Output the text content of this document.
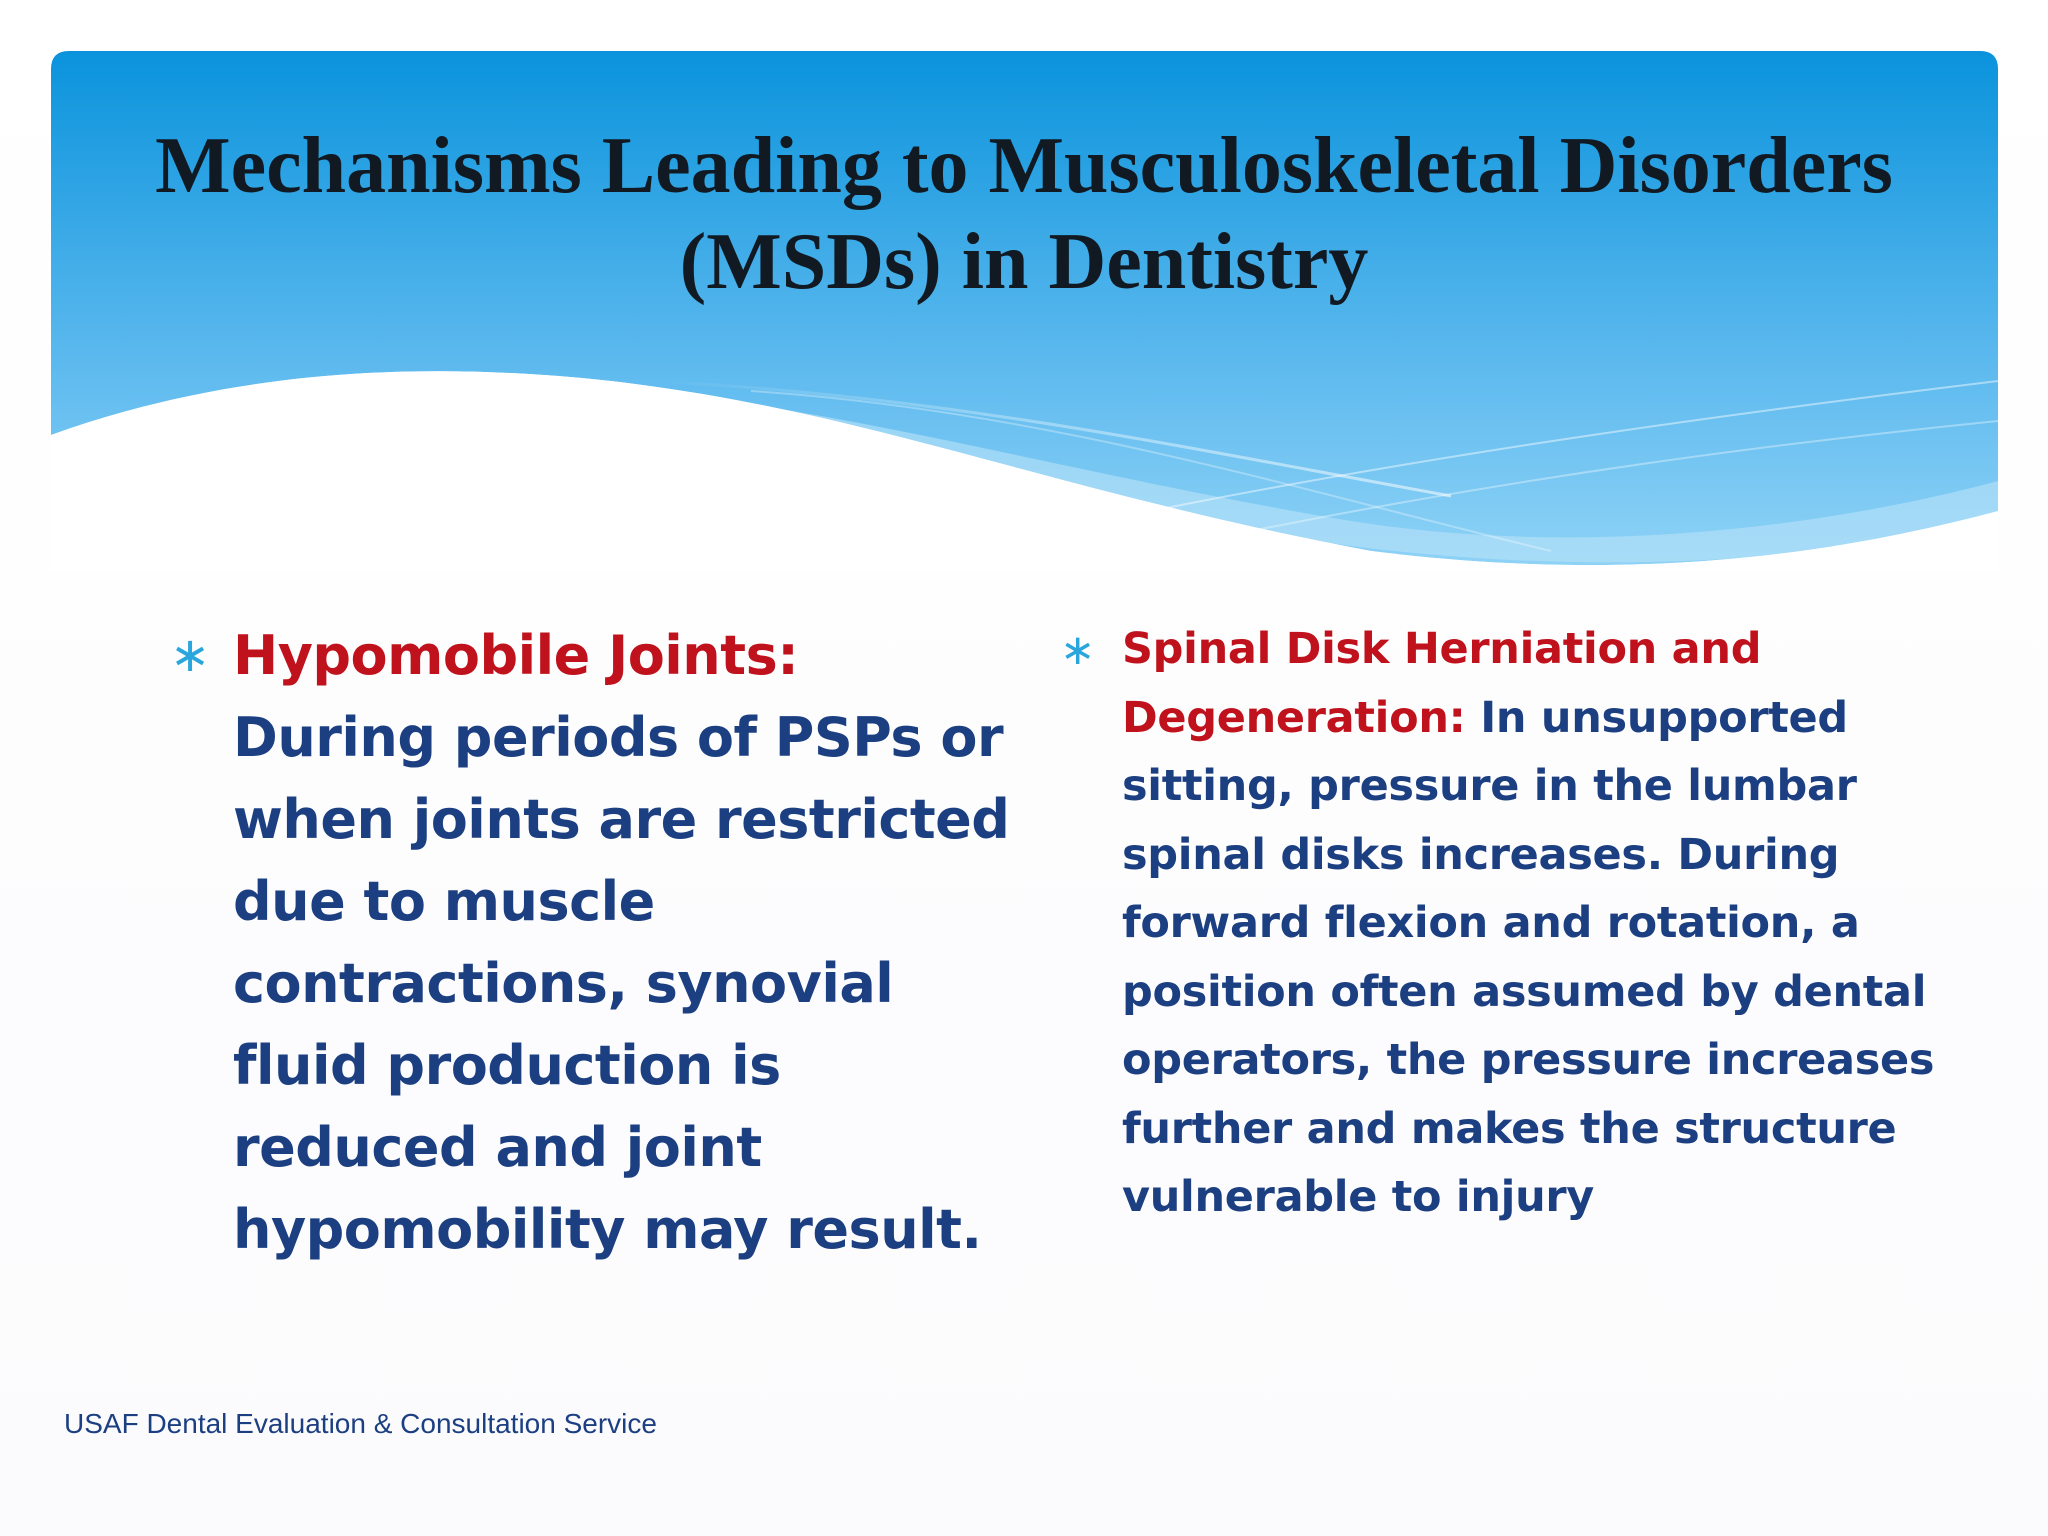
Mechanisms Leading to Musculoskeletal Disorders
(MSDs) in Dentistry
∗ Hypomobile Joints:
During periods of PSPs or when joints are restricted due to muscle contractions, synovial fluid production is reduced and joint hypomobility may result.

∗ Spinal Disk Herniation and Degeneration: In unsupported sitting, pressure in the lumbar spinal disks increases. During forward flexion and rotation, a position often assumed by dental operators, the pressure increases further and makes the structure vulnerable to injury

USAF Dental Evaluation & Consultation Service
